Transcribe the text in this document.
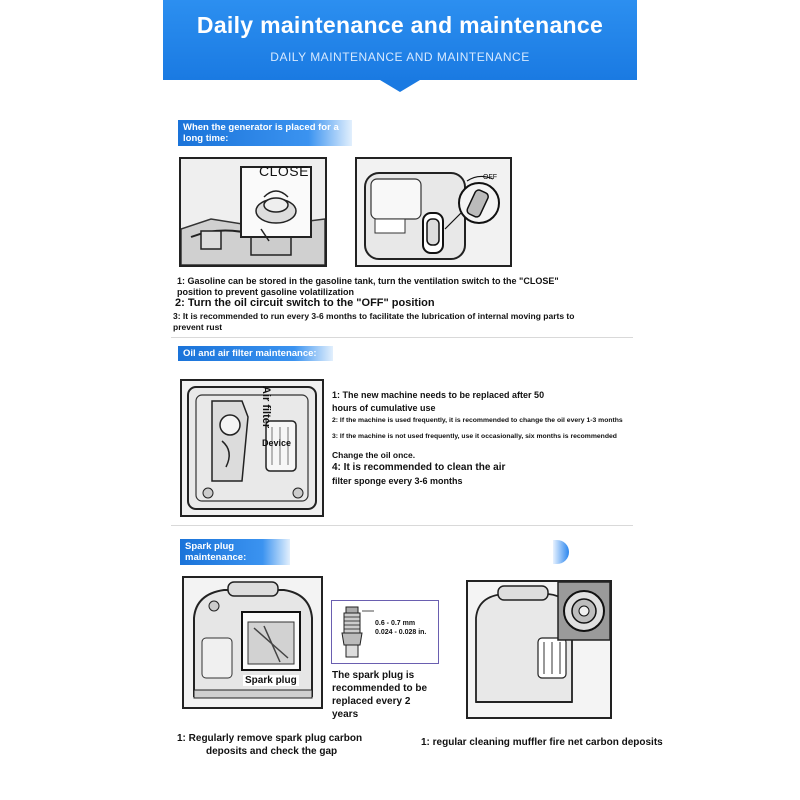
Daily maintenance and maintenance
DAILY MAINTENANCE AND MAINTENANCE
When the generator is placed for a long time:
CLOSE	OFF
1: Gasoline can be stored in the gasoline tank, turn the ventilation switch to the "CLOSE"
position to prevent gasoline volatilization
2: Turn the oil circuit switch to the "OFF" position
3: It is recommended to run every 3-6 months to facilitate the lubrication of internal moving parts to
prevent rust
Oil and air filter maintenance:
Air filter
Device
1: The new machine needs to be replaced after 50
hours of cumulative use
2: If the machine is used frequently, it is recommended to change the oil every 1-3 months
3: If the machine is not used frequently, use it occasionally, six months is recommended
Change the oil once.
4: It is recommended to clean the air
filter sponge every 3-6 months
Spark plug maintenance:
Spark plug
0.6 - 0.7 mm
0.024 - 0.028 in.
The spark plug is
recommended to be
replaced every 2
years
1: Regularly remove spark plug carbon
deposits and check the gap
1: regular cleaning muffler fire net carbon deposits
